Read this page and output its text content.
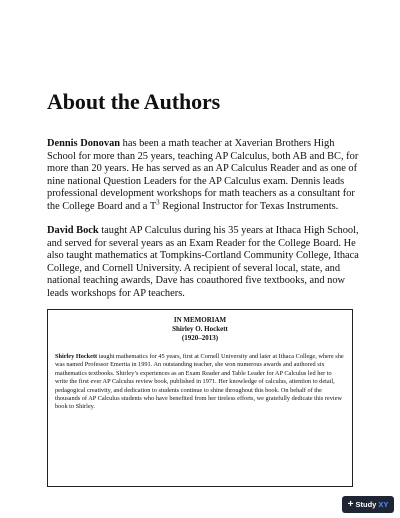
About the Authors

Dennis Donovan has been a math teacher at Xaverian Brothers High School for more than 25 years, teaching AP Calculus, both AB and BC, for more than 20 years. He has served as an AP Calculus Reader and as one of nine national Question Leaders for the AP Calculus exam. Dennis leads professional development workshops for math teachers as a consultant for the College Board and a $T^3$ Regional Instructor for Texas Instruments.

David Bock taught AP Calculus during his 35 years at Ithaca High School, and served for several years as an Exam Reader for the College Board. He also taught mathematics at Tompkins-Cortland Community College, Ithaca College, and Cornell University. A recipient of several local, state, and national teaching awards, Dave has coauthored five textbooks, and now leads workshops for AP teachers.

IN MEMORIAM
Shirley O. Hockett
(1920–2013)

Shirley Hockett taught mathematics for 45 years, first at Cornell University and later at Ithaca College, where she was named Professor Emerita in 1991. An outstanding teacher, she won numerous awards and authored six mathematics textbooks. Shirley’s experiences as an Exam Reader and Table Leader for AP Calculus led her to write the first ever AP Calculus review book, published in 1971. Her knowledge of calculus, attention to detail, pedagogical creativity, and dedication to students continue to shine throughout this book. On behalf of the thousands of AP Calculus students who have benefited from her tireless efforts, we gratefully dedicate this review book to Shirley.

+ Study XY
